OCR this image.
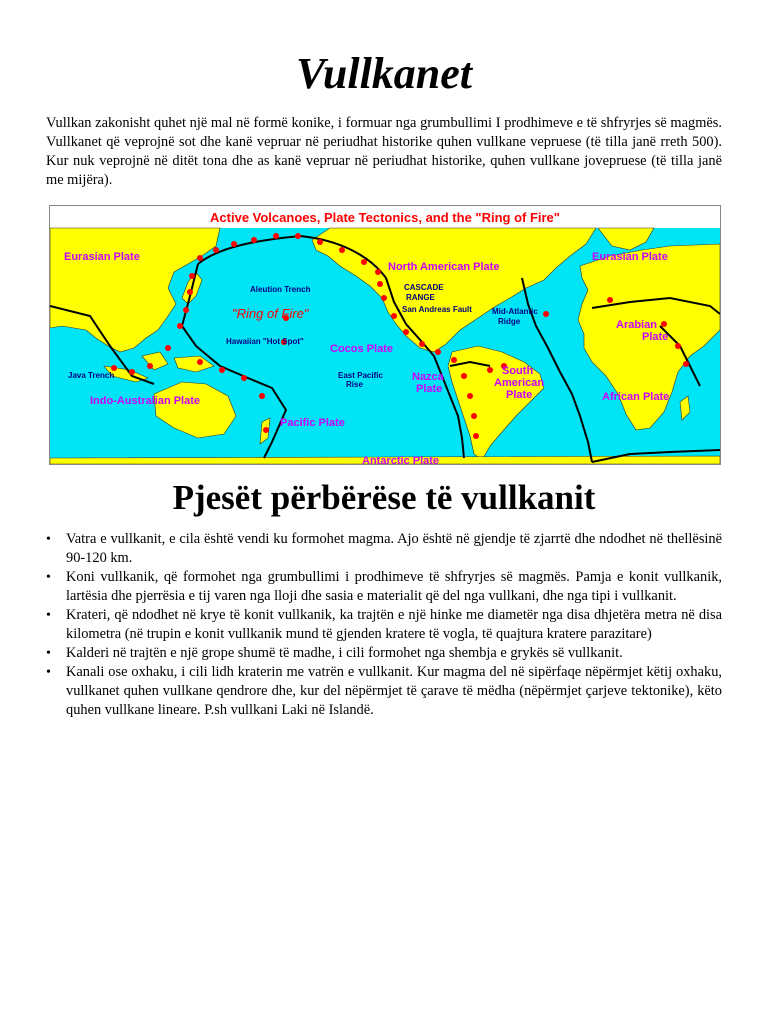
Vullkanet

Vullkan zakonisht quhet një mal në formë konike, i formuar nga grumbullimi I prodhimeve e të shfryrjes së magmës. Vullkanet që veprojnë sot dhe kanë vepruar në periudhat historike quhen vullkane vepruese (të tilla janë rreth 500). Kur nuk veprojnë në ditët tona dhe as kanë vepruar në periudhat historike, quhen vullkane jovepruese (të tilla janë me mijëra).

Active Volcanoes, Plate Tectonics, and the "Ring of Fire"
Eurasian Plate	Eurasian Plate
North American Plate
Aleution Trench	CASCADE
RANGE
"Ring of Fire"	San Andreas Fault	Mid-Atlantic
Ridge	Arabian
Plate
Hawaiian "Hot Spot"
Cocos Plate
Java Trench	East Pacific
Rise
Nazca
Plate
South
American
Plate	African Plate
Indo-Australian Plate
Pacific Plate
Antarctic Plate
Pjesët përbërëse të vullkanit
• Vatra e vullkanit, e cila është vendi ku formohet magma. Ajo është në gjendje të zjarrtë dhe ndodhet në thellësinë 90-120 km.
• Koni vullkanik, që formohet nga grumbullimi i prodhimeve të shfryrjes së magmës. Pamja e konit vullkanik, lartësia dhe pjerrësia e tij varen nga lloji dhe sasia e materialit që del nga vullkani, dhe nga tipi i vullkanit.
• Krateri, që ndodhet në krye të konit vullkanik, ka trajtën e një hinke me diametër nga disa dhjetëra metra në disa kilometra (në trupin e konit vullkanik mund të gjenden kratere të vogla, të quajtura kratere parazitare)
• Kalderi në trajtën e një grope shumë të madhe, i cili formohet nga shembja e grykës së vullkanit.
• Kanali ose oxhaku, i cili lidh kraterin me vatrën e vullkanit. Kur magma del në sipërfaqe nëpërmjet këtij oxhaku, vullkanet quhen vullkane qendrore dhe, kur del nëpërmjet të çarave të mëdha (nëpërmjet çarjeve tektonike), këto quhen vullkane lineare. P.sh vullkani Laki në Islandë.
